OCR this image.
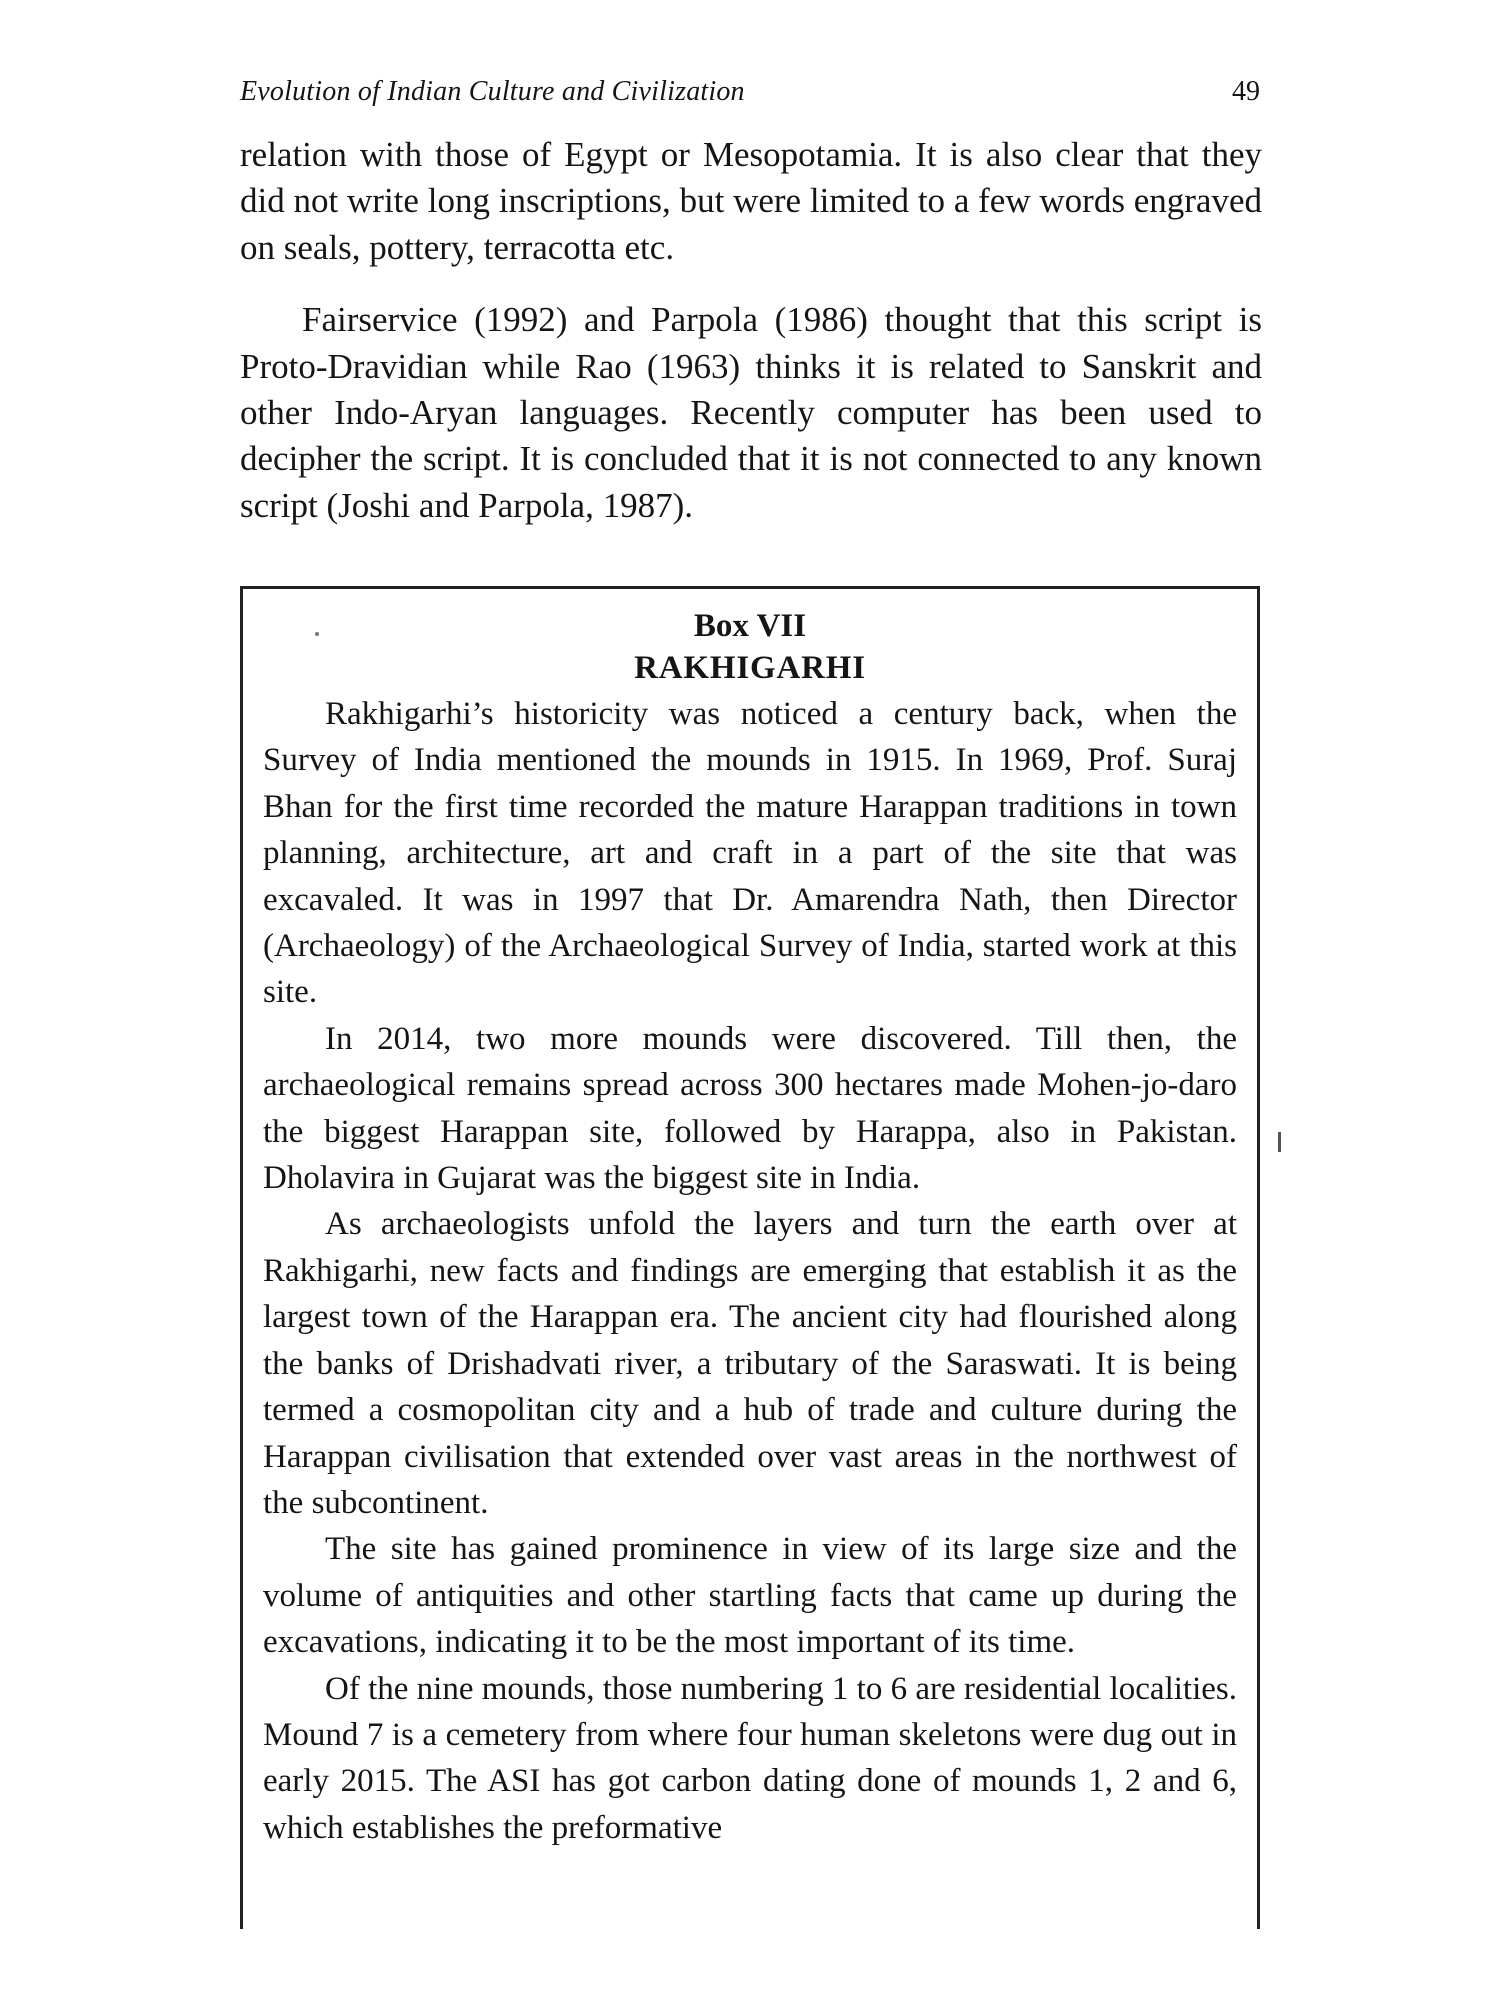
Evolution of Indian Culture and Civilization	49

relation with those of Egypt or Mesopotamia. It is also clear that they did not write long inscriptions, but were limited to a few words engraved on seals, pottery, terracotta etc.

Fairservice (1992) and Parpola (1986) thought that this script is Proto-Dravidian while Rao (1963) thinks it is related to Sanskrit and other Indo-Aryan languages. Recently computer has been used to decipher the script. It is concluded that it is not connected to any known script (Joshi and Parpola, 1987).

Box VII
RAKHIGARHI

Rakhigarhi’s historicity was noticed a century back, when the Survey of India mentioned the mounds in 1915. In 1969, Prof. Suraj Bhan for the first time recorded the mature Harappan traditions in town planning, architecture, art and craft in a part of the site that was excavaled. It was in 1997 that Dr. Amarendra Nath, then Director (Archaeology) of the Archaeological Survey of India, started work at this site.

In 2014, two more mounds were discovered. Till then, the archaeological remains spread across 300 hectares made Mohen-jo-daro the biggest Harappan site, followed by Harappa, also in Pakistan. Dholavira in Gujarat was the biggest site in India.

As archaeologists unfold the layers and turn the earth over at Rakhigarhi, new facts and findings are emerging that establish it as the largest town of the Harappan era. The ancient city had flourished along the banks of Drishadvati river, a tributary of the Saraswati. It is being termed a cosmopolitan city and a hub of trade and culture during the Harappan civilisation that extended over vast areas in the northwest of the subcontinent.

The site has gained prominence in view of its large size and the volume of antiquities and other startling facts that came up during the excavations, indicating it to be the most important of its time.

Of the nine mounds, those numbering 1 to 6 are residential localities. Mound 7 is a cemetery from where four human skeletons were dug out in early 2015. The ASI has got carbon dating done of mounds 1, 2 and 6, which establishes the preformative
